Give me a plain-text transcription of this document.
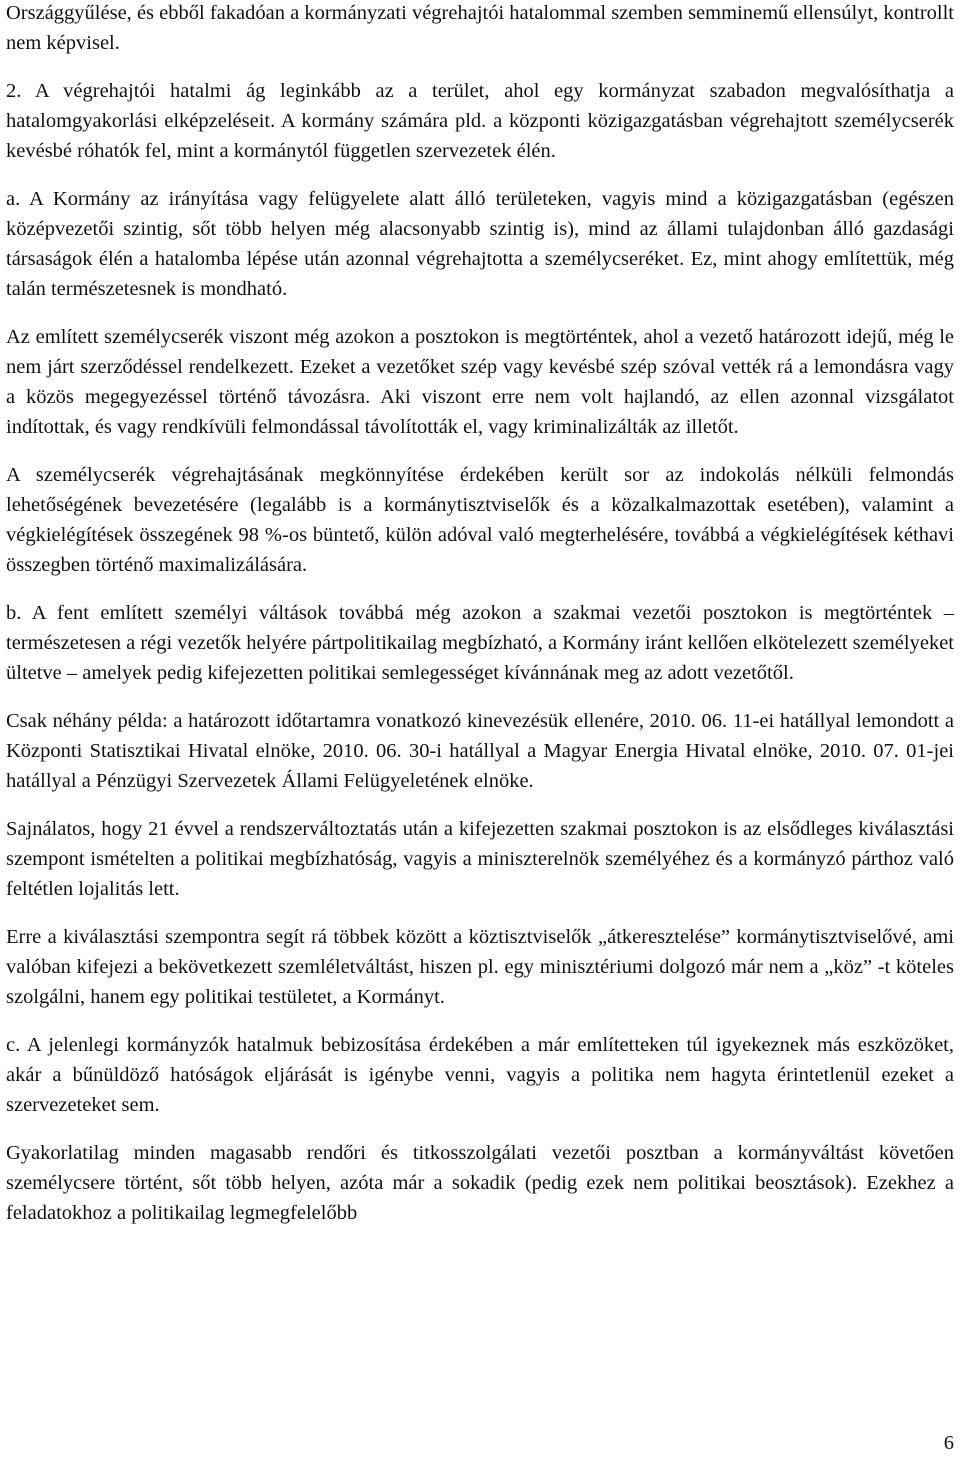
Országgyűlése, és ebből fakadóan a kormányzati végrehajtói hatalommal szemben semminemű ellensúlyt, kontrollt nem képvisel.

2. A végrehajtói hatalmi ág leginkább az a terület, ahol egy kormányzat szabadon megvalósíthatja a hatalomgyakorlási elképzeléseit. A kormány számára pld. a központi közigazgatásban végrehajtott személycserék kevésbé róhatók fel, mint a kormánytól független szervezetek élén.

a. A Kormány az irányítása vagy felügyelete alatt álló területeken, vagyis mind a közigazgatásban (egészen középvezetői szintig, sőt több helyen még alacsonyabb szintig is), mind az állami tulajdonban álló gazdasági társaságok élén a hatalomba lépése után azonnal végrehajtotta a személycseréket. Ez, mint ahogy említettük, még talán természetesnek is mondható.

Az említett személycserék viszont még azokon a posztokon is megtörténtek, ahol a vezető határozott idejű, még le nem járt szerződéssel rendelkezett. Ezeket a vezetőket szép vagy kevésbé szép szóval vették rá a lemondásra vagy a közös megegyezéssel történő távozásra. Aki viszont erre nem volt hajlandó, az ellen azonnal vizsgálatot indítottak, és vagy rendkívüli felmondással távolították el, vagy kriminalizálták az illetőt.

A személycserék végrehajtásának megkönnyítése érdekében került sor az indokolás nélküli felmondás lehetőségének bevezetésére (legalább is a kormánytisztviselők és a közalkalmazottak esetében), valamint a végkielégítések összegének 98 %-os büntető, külön adóval való megterhelésére, továbbá a végkielégítések kéthavi összegben történő maximalizálására.

b. A fent említett személyi váltások továbbá még azokon a szakmai vezetői posztokon is megtörténtek – természetesen a régi vezetők helyére pártpolitikailag megbízható, a Kormány iránt kellően elkötelezett személyeket ültetve – amelyek pedig kifejezetten politikai semlegességet kívánnának meg az adott vezetőtől.

Csak néhány példa: a határozott időtartamra vonatkozó kinevezésük ellenére, 2010. 06. 11-ei hatállyal lemondott a Központi Statisztikai Hivatal elnöke, 2010. 06. 30-i hatállyal a Magyar Energia Hivatal elnöke, 2010. 07. 01-jei hatállyal a Pénzügyi Szervezetek Állami Felügyeletének elnöke.

Sajnálatos, hogy 21 évvel a rendszerváltoztatás után a kifejezetten szakmai posztokon is az elsődleges kiválasztási szempont ismételten a politikai megbízhatóság, vagyis a miniszterelnök személyéhez és a kormányzó párthoz való feltétlen lojalitás lett.

Erre a kiválasztási szempontra segít rá többek között a köztisztviselők „átkeresztelése” kormánytisztviselővé, ami valóban kifejezi a bekövetkezett szemléletváltást, hiszen pl. egy minisztériumi dolgozó már nem a „köz” -t köteles szolgálni, hanem egy politikai testületet, a Kormányt.

c. A jelenlegi kormányzók hatalmuk bebizosítása érdekében a már említetteken túl igyekeznek más eszközöket, akár a bűnüldöző hatóságok eljárását is igénybe venni, vagyis a politika nem hagyta érintetlenül ezeket a szervezeteket sem.

Gyakorlatilag minden magasabb rendőri és titkosszolgálati vezetői posztban a kormányváltást követően személycsere történt, sőt több helyen, azóta már a sokadik (pedig ezek nem politikai beosztások). Ezekhez a feladatokhoz a politikailag legmegfelelőbb

6
